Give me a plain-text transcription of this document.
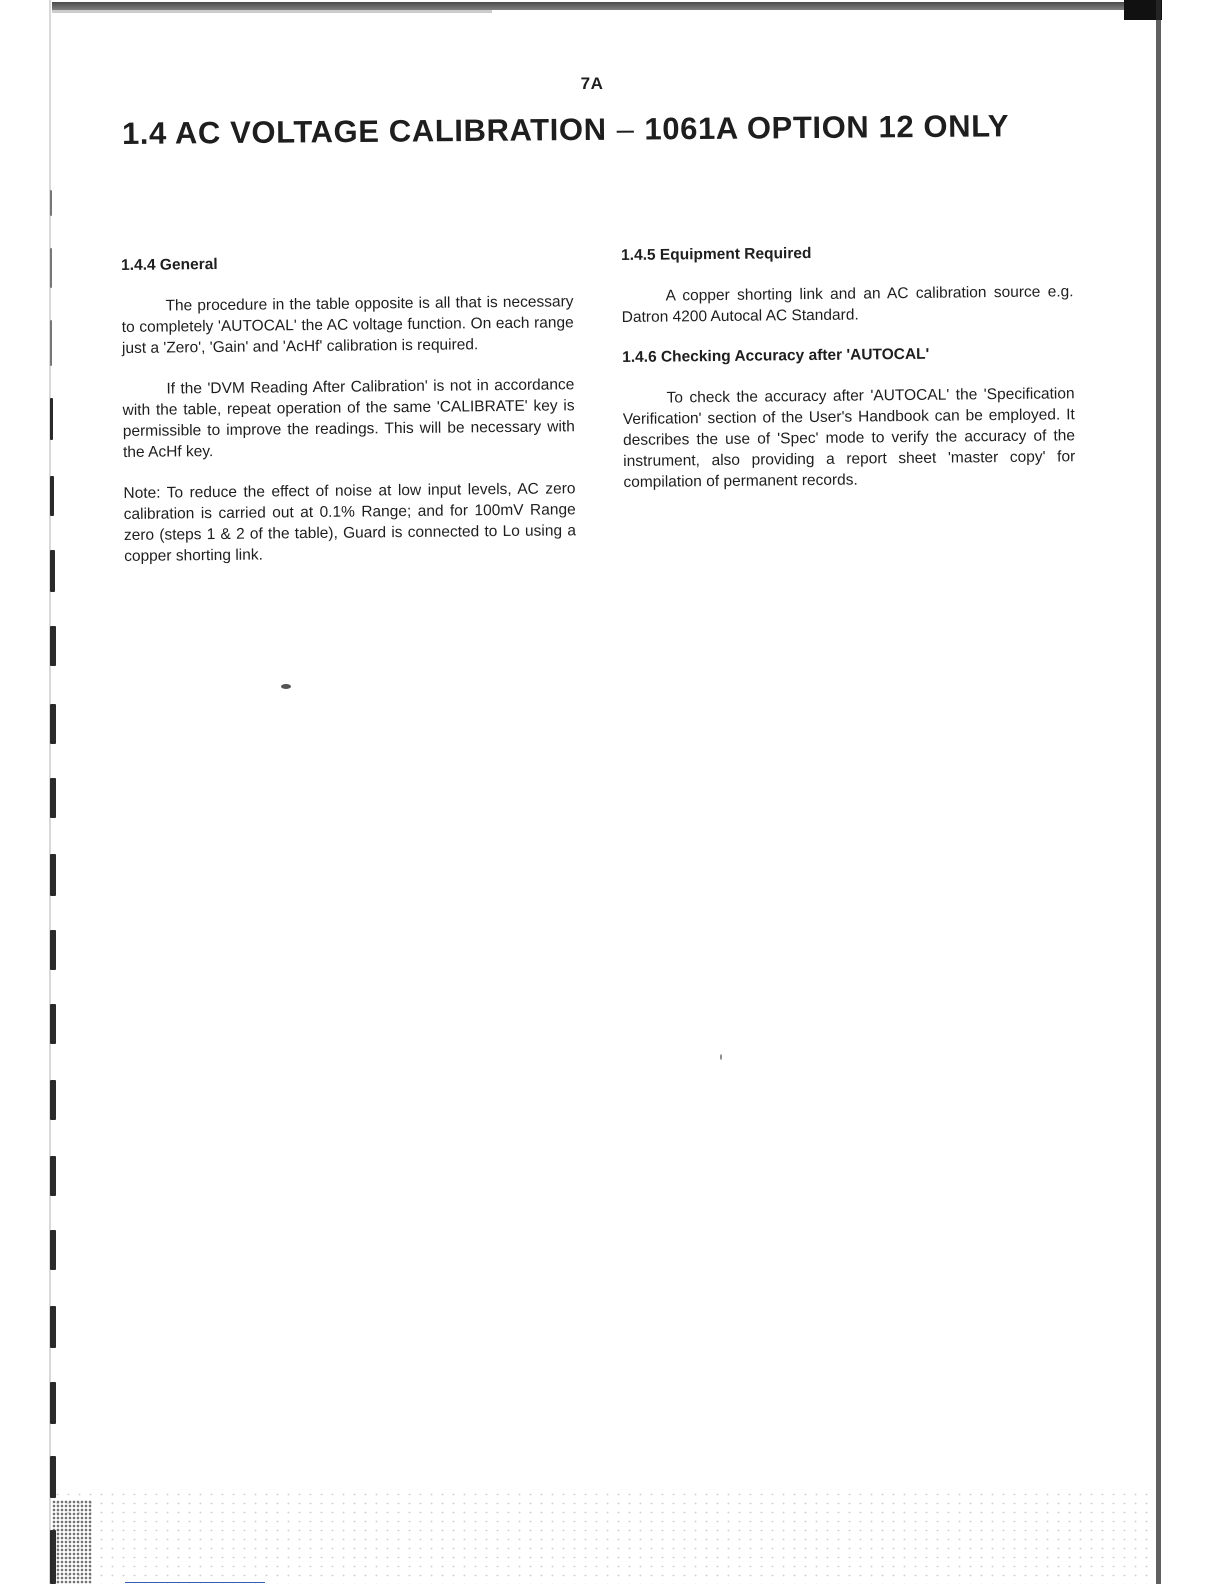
7A
1.4 AC VOLTAGE CALIBRATION – 1061A OPTION 12 ONLY
1.4.4 General

The procedure in the table opposite is all that is necessary to completely 'AUTOCAL' the AC voltage function. On each range just a 'Zero', 'Gain' and 'AcHf' calibration is required.

If the 'DVM Reading After Calibration' is not in accordance with the table, repeat operation of the same 'CALIBRATE' key is permissible to improve the readings. This will be necessary with the AcHf key.

Note: To reduce the effect of noise at low input levels, AC zero calibration is carried out at 0.1% Range; and for 100mV Range zero (steps 1 & 2 of the table), Guard is connected to Lo using a copper shorting link.

1.4.5 Equipment Required

A copper shorting link and an AC calibration source e.g. Datron 4200 Autocal AC Standard.

1.4.6 Checking Accuracy after 'AUTOCAL'

To check the accuracy after 'AUTOCAL' the 'Specification Verification' section of the User's Handbook can be employed. It describes the use of 'Spec' mode to verify the accuracy of the instrument, also providing a report sheet 'master copy' for compilation of permanent records.
